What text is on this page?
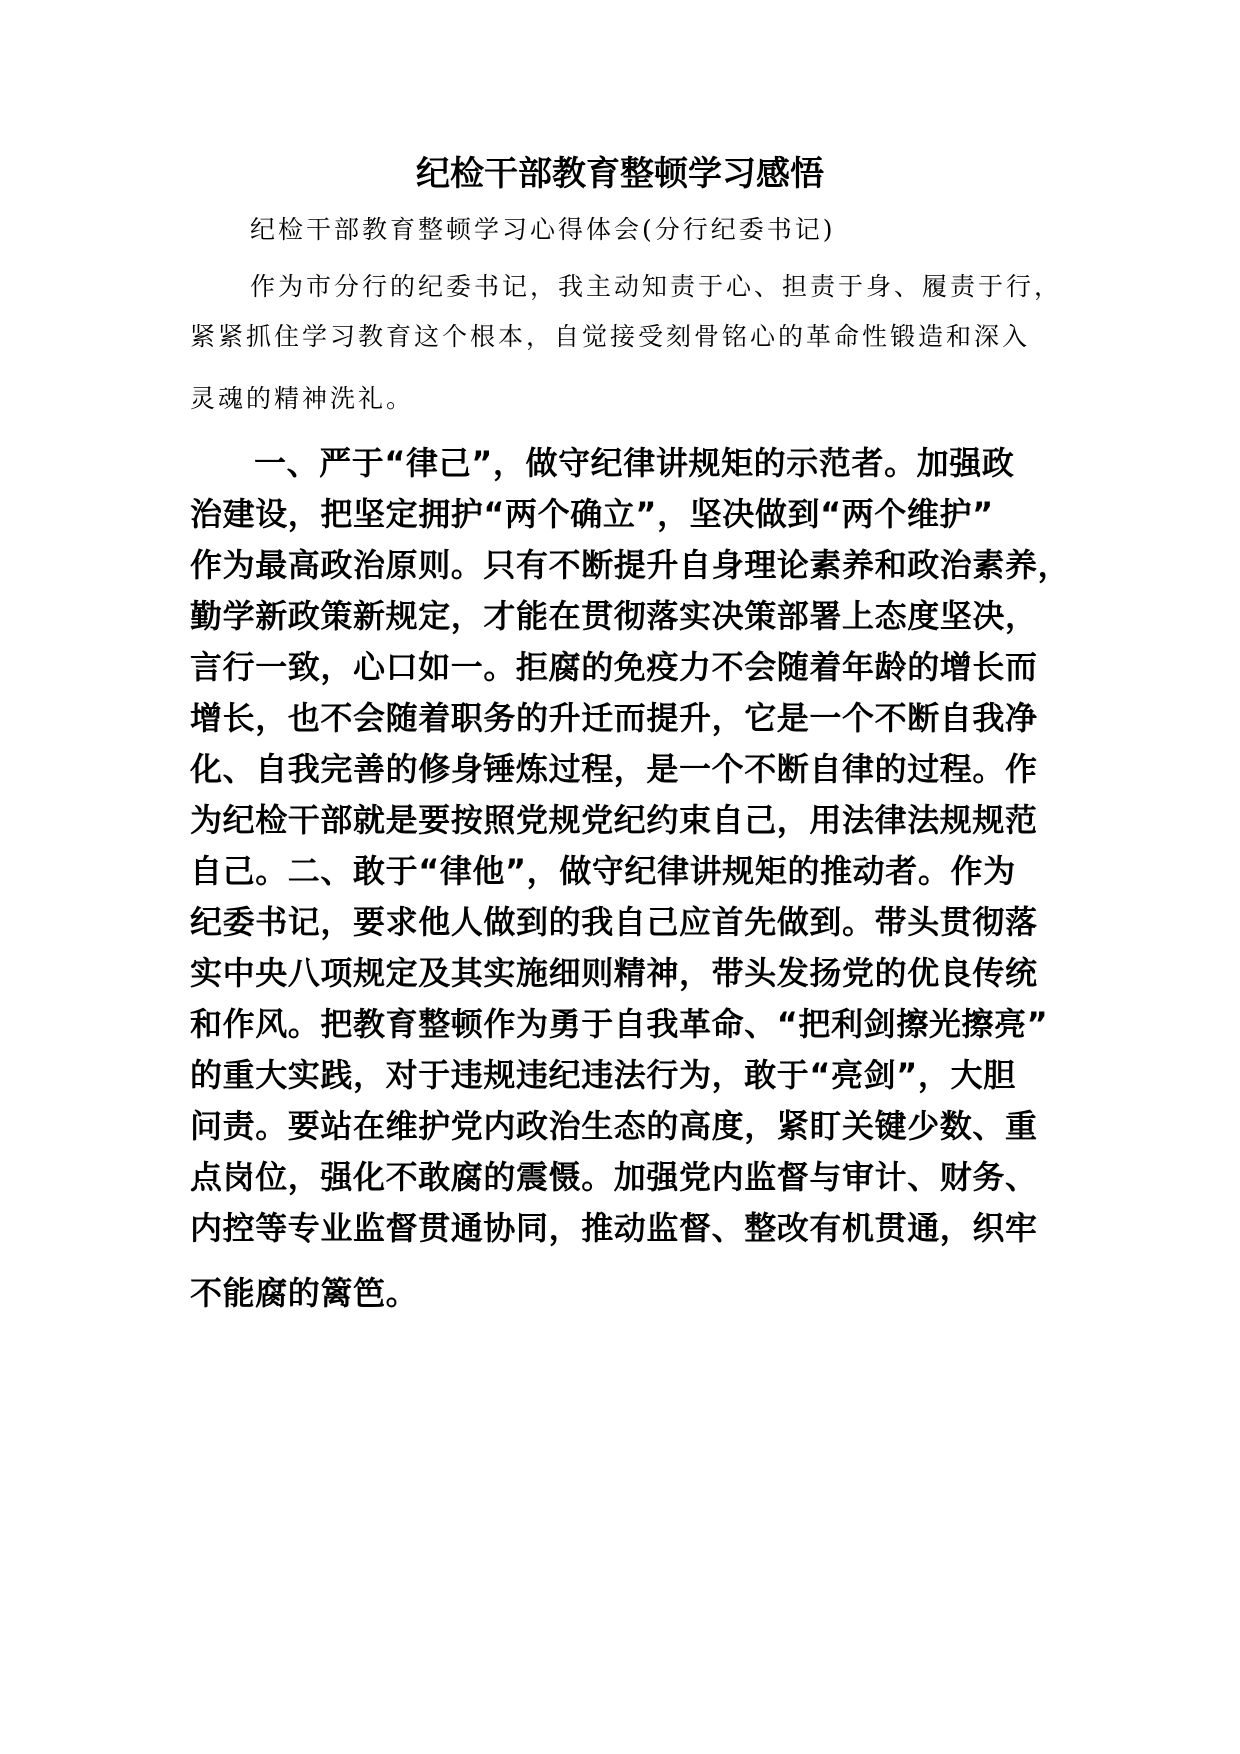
纪检干部教育整顿学习感悟

纪检干部教育整顿学习心得体会(分行纪委书记)

作为市分行的纪委书记，我主动知责于心、担责于身、履责于行，
紧紧抓住学习教育这个根本，自觉接受刻骨铭心的革命性锻造和深入
灵魂的精神洗礼。
一、严于“律己”，做守纪律讲规矩的示范者。加强政
治建设，把坚定拥护“两个确立”，坚决做到“两个维护”
作为最高政治原则。只有不断提升自身理论素养和政治素养，
勤学新政策新规定，才能在贯彻落实决策部署上态度坚决，
言行一致，心口如一。拒腐的免疫力不会随着年龄的增长而
增长，也不会随着职务的升迁而提升，它是一个不断自我净
化、自我完善的修身锤炼过程，是一个不断自律的过程。作
为纪检干部就是要按照党规党纪约束自己，用法律法规规范
自己。二、敢于“律他”，做守纪律讲规矩的推动者。作为
纪委书记，要求他人做到的我自己应首先做到。带头贯彻落
实中央八项规定及其实施细则精神，带头发扬党的优良传统
和作风。把教育整顿作为勇于自我革命、“把利剑擦光擦亮”
的重大实践，对于违规违纪违法行为，敢于“亮剑”，大胆
问责。要站在维护党内政治生态的高度，紧盯关键少数、重
点岗位，强化不敢腐的震慑。加强党内监督与审计、财务、
内控等专业监督贯通协同，推动监督、整改有机贯通，织牢
不能腐的篱笆。
